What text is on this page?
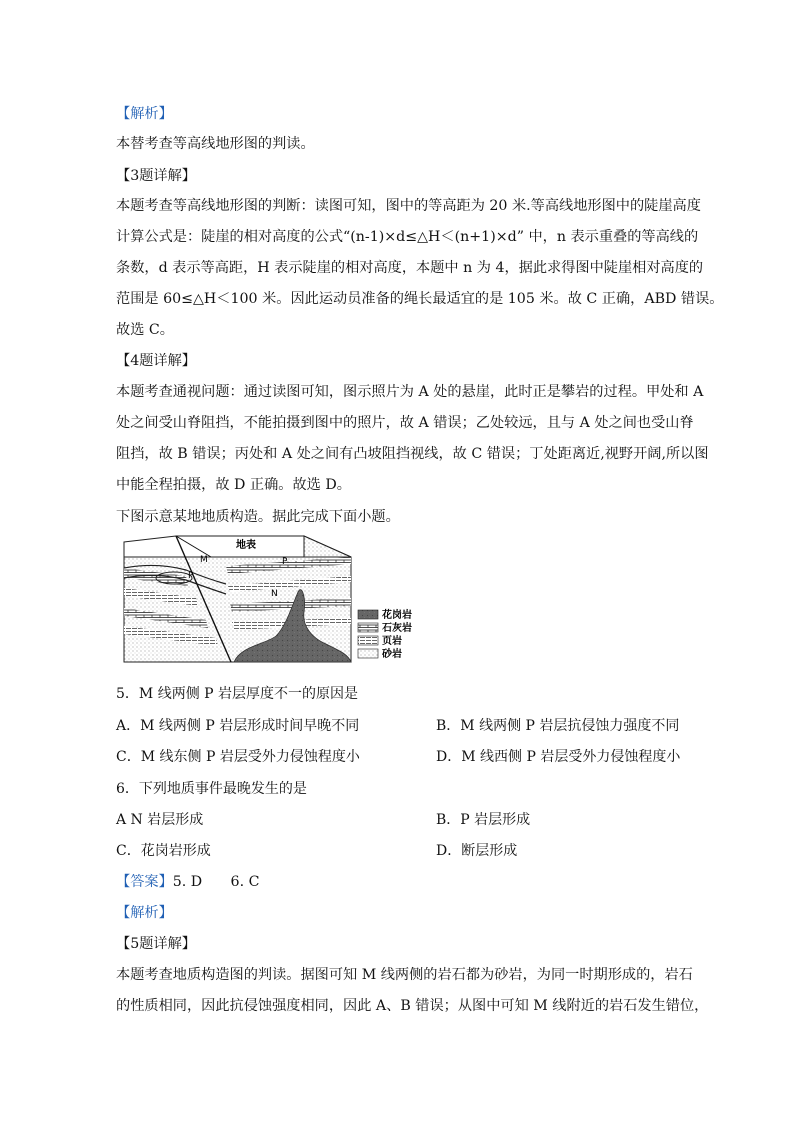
【解析】
本替考查等高线地形图的判读。
【3题详解】
本题考查等高线地形图的判断：读图可知，图中的等高距为 20 米.等高线地形图中的陡崖高度
计算公式是：陡崖的相对高度的公式“(n-1)×d≤△H＜(n+1)×d” 中，n 表示重叠的等高线的
条数，d 表示等高距，H 表示陡崖的相对高度，本题中 n 为 4，据此求得图中陡崖相对高度的
范围是 60≤△H＜100 米。因此运动员准备的绳长最适宜的是 105 米。故 C 正确，ABD 错误。
故选 C。
【4题详解】
本题考查通视问题：通过读图可知，图示照片为 A 处的悬崖，此时正是攀岩的过程。甲处和 A
处之间受山脊阻挡，不能拍摄到图中的照片，故 A 错误；乙处较远，且与 A 处之间也受山脊
阻挡，故 B 错误；丙处和 A 处之间有凸坡阻挡视线，故 C 错误；丁处距离近,视野开阔,所以图
中能全程拍摄，故 D 正确。故选 D。
下图示意某地地质构造。据此完成下面小题。
地表
M
P
P
N
花岗岩
石灰岩
页岩
砂岩
5．M 线两侧 P 岩层厚度不一的原因是
A．M 线两侧 P 岩层形成时间早晚不同	B．M 线两侧 P 岩层抗侵蚀力强度不同
C．M 线东侧 P 岩层受外力侵蚀程度小	D．M 线西侧 P 岩层受外力侵蚀程度小
6．下列地质事件最晚发生的是
A N 岩层形成	B．P 岩层形成
C．花岗岩形成	D．断层形成
【答案】5. D　　6. C
【解析】
【5题详解】
本题考查地质构造图的判读。据图可知 M 线两侧的岩石都为砂岩，为同一时期形成的，岩石
的性质相同，因此抗侵蚀强度相同，因此 A、B 错误；从图中可知 M 线附近的岩石发生错位，
